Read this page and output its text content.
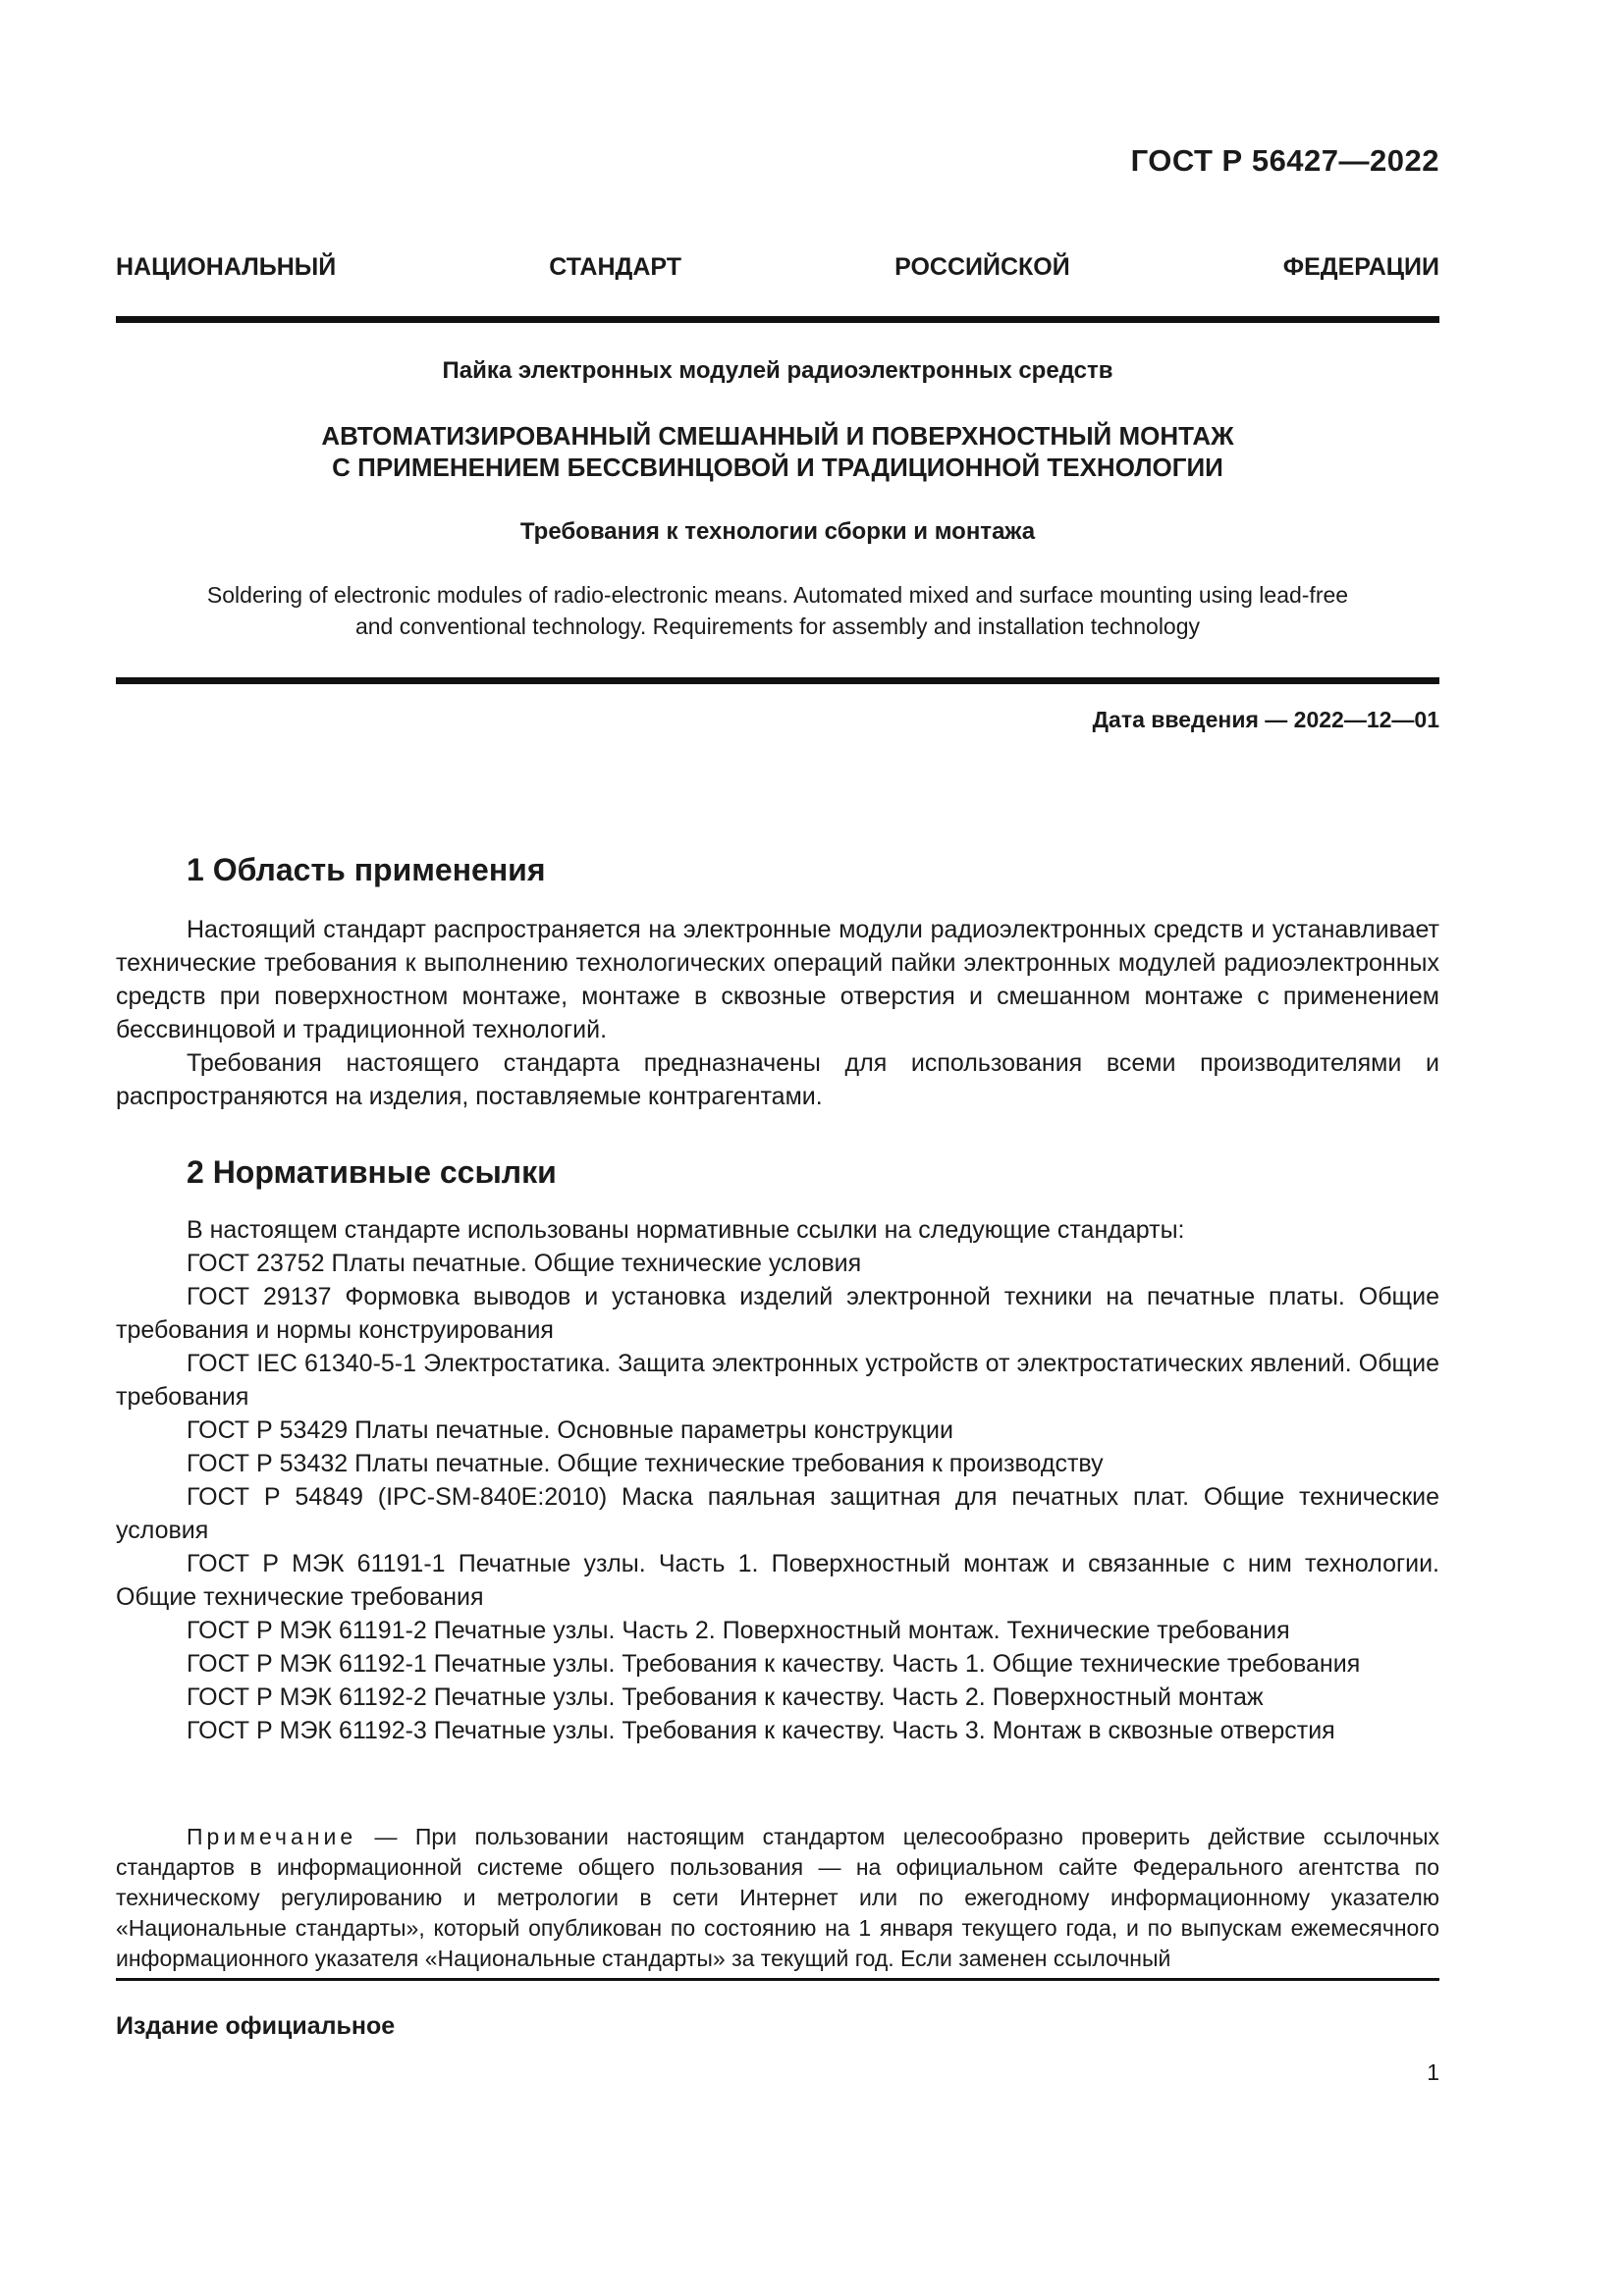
ГОСТ Р 56427—2022
НАЦИОНАЛЬНЫЙ СТАНДАРТ РОССИЙСКОЙ ФЕДЕРАЦИИ
Пайка электронных модулей радиоэлектронных средств
АВТОМАТИЗИРОВАННЫЙ СМЕШАННЫЙ И ПОВЕРХНОСТНЫЙ МОНТАЖ
С ПРИМЕНЕНИЕМ БЕССВИНЦОВОЙ И ТРАДИЦИОННОЙ ТЕХНОЛОГИИ
Требования к технологии сборки и монтажа
Soldering of electronic modules of radio-electronic means. Automated mixed and surface mounting using lead-free
and conventional technology. Requirements for assembly and installation technology
Дата введения — 2022—12—01
1 Область применения

Настоящий стандарт распространяется на электронные модули радиоэлектронных средств и устанавливает технические требования к выполнению технологических операций пайки электронных модулей радиоэлектронных средств при поверхностном монтаже, монтаже в сквозные отверстия и смешанном монтаже с применением бессвинцовой и традиционной технологий.

Требования настоящего стандарта предназначены для использования всеми производителями и распространяются на изделия, поставляемые контрагентами.

2 Нормативные ссылки

В настоящем стандарте использованы нормативные ссылки на следующие стандарты:

ГОСТ 23752 Платы печатные. Общие технические условия

ГОСТ 29137 Формовка выводов и установка изделий электронной техники на печатные платы. Общие требования и нормы конструирования

ГОСТ IEC 61340-5-1 Электростатика. Защита электронных устройств от электростатических явлений. Общие требования

ГОСТ Р 53429 Платы печатные. Основные параметры конструкции

ГОСТ Р 53432 Платы печатные. Общие технические требования к производству

ГОСТ Р 54849 (IPC-SM-840E:2010) Маска паяльная защитная для печатных плат. Общие технические условия

ГОСТ Р МЭК 61191-1 Печатные узлы. Часть 1. Поверхностный монтаж и связанные с ним технологии. Общие технические требования

ГОСТ Р МЭК 61191-2 Печатные узлы. Часть 2. Поверхностный монтаж. Технические требования

ГОСТ Р МЭК 61192-1 Печатные узлы. Требования к качеству. Часть 1. Общие технические требования

ГОСТ Р МЭК 61192-2 Печатные узлы. Требования к качеству. Часть 2. Поверхностный монтаж

ГОСТ Р МЭК 61192-3 Печатные узлы. Требования к качеству. Часть 3. Монтаж в сквозные отверстия

Примечание — При пользовании настоящим стандартом целесообразно проверить действие ссылочных стандартов в информационной системе общего пользования — на официальном сайте Федерального агентства по техническому регулированию и метрологии в сети Интернет или по ежегодному информационному указателю «Национальные стандарты», который опубликован по состоянию на 1 января текущего года, и по выпускам ежемесячного информационного указателя «Национальные стандарты» за текущий год. Если заменен ссылочный

Издание официальное
1
